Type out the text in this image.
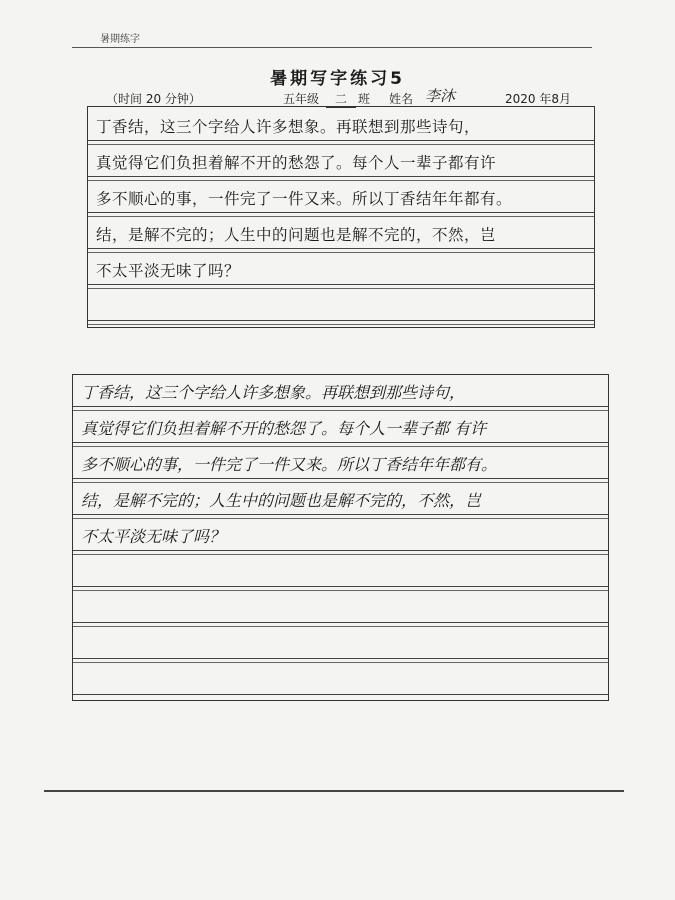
暑期练字
暑期写字练习5
（时间 20 分钟）	五年级	二 班 姓名 李沐	2020 年8月
丁香结，这三个字给人许多想象。再联想到那些诗句，
真觉得它们负担着解不开的愁怨了。每个人一辈子都有许
多不顺心的事，一件完了一件又来。所以丁香结年年都有。
结，是解不完的；人生中的问题也是解不完的，不然，岂
不太平淡无味了吗？
丁香结，这三个字给人许多想象。再联想到那些诗句，
真觉得它们负担着解不开的愁怨了。每个人一辈子都 有许
多不顺心的事，一件完了一件又来。所以丁香结年年都有。
结，是解不完的；人生中的问题也是解不完的，不然，岂
不太平淡无味了吗？
